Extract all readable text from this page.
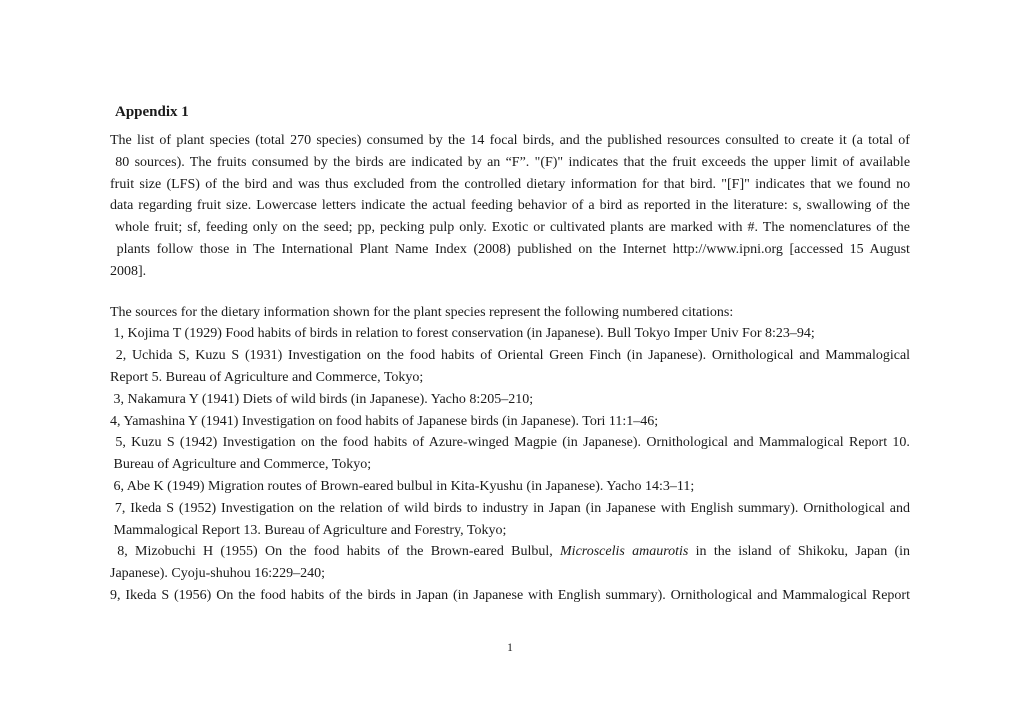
Appendix 1
The list of plant species (total 270 species) consumed by the 14 focal birds, and the published resources consulted to create it (a total of
80 sources). The fruits consumed by the birds are indicated by an “F”. "(F)" indicates that the fruit exceeds the upper limit of available
fruit size (LFS) of the bird and was thus excluded from the controlled dietary information for that bird. "[F]" indicates that we found no
data regarding fruit size. Lowercase letters indicate the actual feeding behavior of a bird as reported in the literature: s, swallowing of the
whole fruit; sf, feeding only on the seed; pp, pecking pulp only. Exotic or cultivated plants are marked with #. The nomenclatures of the
plants follow those in The International Plant Name Index (2008) published on the Internet http://www.ipni.org [accessed 15 August
2008].
The sources for the dietary information shown for the plant species represent the following numbered citations:
1, Kojima T (1929) Food habits of birds in relation to forest conservation (in Japanese). Bull Tokyo Imper Univ For 8:23–94;
2, Uchida S, Kuzu S (1931) Investigation on the food habits of Oriental Green Finch (in Japanese). Ornithological and Mammalogical
Report 5. Bureau of Agriculture and Commerce, Tokyo;
3, Nakamura Y (1941) Diets of wild birds (in Japanese). Yacho 8:205–210;
4, Yamashina Y (1941) Investigation on food habits of Japanese birds (in Japanese). Tori 11:1–46;
5, Kuzu S (1942) Investigation on the food habits of Azure-winged Magpie (in Japanese). Ornithological and Mammalogical Report 10.
Bureau of Agriculture and Commerce, Tokyo;
6, Abe K (1949) Migration routes of Brown-eared bulbul in Kita-Kyushu (in Japanese). Yacho 14:3–11;
7, Ikeda S (1952) Investigation on the relation of wild birds to industry in Japan (in Japanese with English summary). Ornithological and
Mammalogical Report 13. Bureau of Agriculture and Forestry, Tokyo;
8, Mizobuchi H (1955) On the food habits of the Brown-eared Bulbul, Microscelis amaurotis in the island of Shikoku, Japan (in
Japanese). Cyoju-shuhou 16:229–240;
9, Ikeda S (1956) On the food habits of the birds in Japan (in Japanese with English summary). Ornithological and Mammalogical Report
1
